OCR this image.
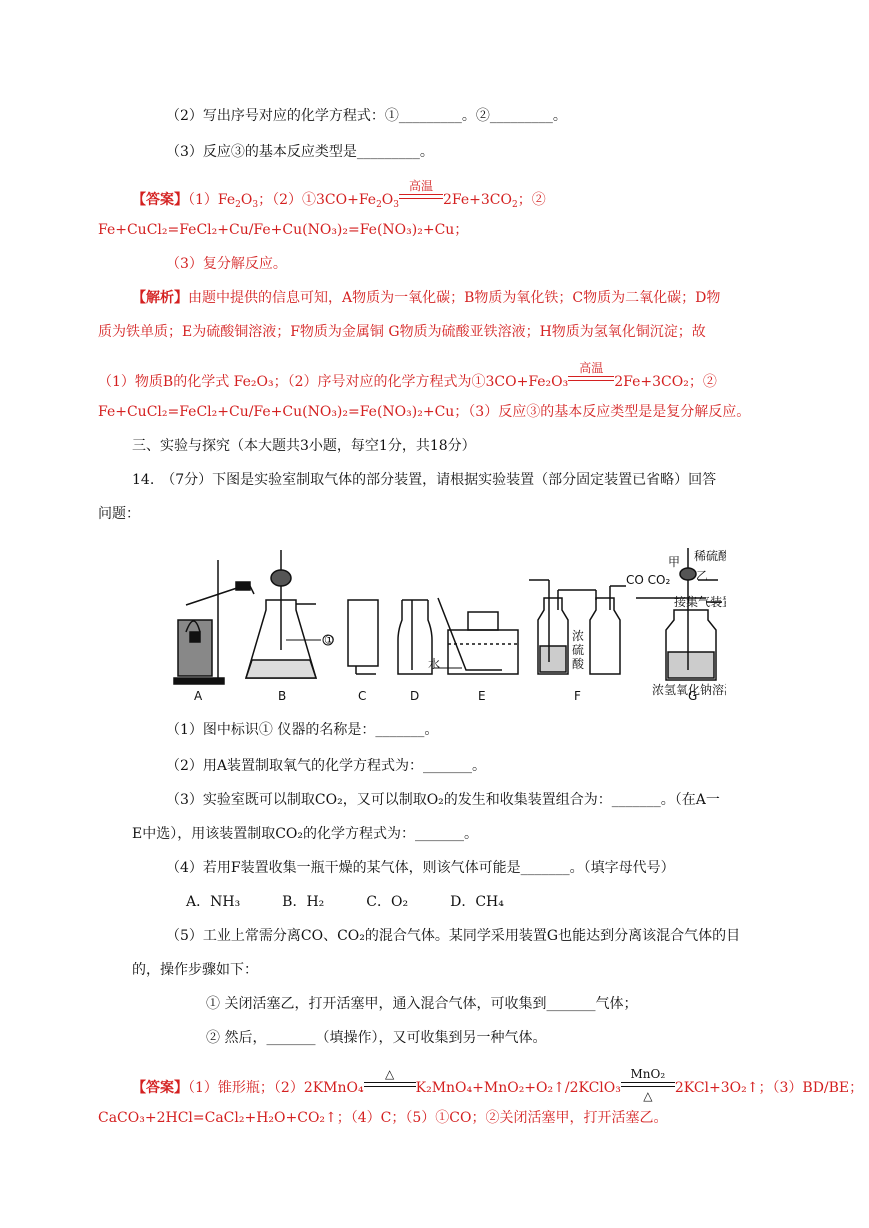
（2）写出序号对应的化学方程式：①_________。②_________。
（3）反应③的基本反应类型是_________。
【答案】$(1)Fe_2O_3$；$(2)①3CO+Fe_2O_3$
高温
$2Fe+3CO_2$；②
Fe+CuCl₂=FeCl₂+Cu/Fe+Cu(NO₃)₂=Fe(NO₃)₂+Cu；
（3）复分解反应。
【解析】由题中提供的信息可知，A物质为一氧化碳；B物质为氧化铁；C物质为二氧化碳；D物
质为铁单质；E为硫酸铜溶液；F物质为金属铜 G物质为硫酸亚铁溶液；H物质为氢氧化铜沉淀；故
（1）物质B的化学式 Fe₂O₃；（2）序号对应的化学方程式为①3CO+Fe₂O₃
高温
2Fe+3CO₂；②
Fe+CuCl₂=FeCl₂+Cu/Fe+Cu(NO₃)₂=Fe(NO₃)₂+Cu；（3）反应③的基本反应类型是是复分解反应。
三、实验与探究（本大题共3小题，每空1分，共18分）
14.　（7分）下图是实验室制取气体的部分装置，请根据实验装置（部分固定装置已省略）回答
问题：
①
A	B	C	D	E	F	G
水
浓
硫
酸
CO CO₂
甲
乙
稀硫酸
接集气装
浓氢氧化钠溶
（1）图中标识① 仪器的名称是：_______。
（2）用A装置制取氧气的化学方程式为：_______。
（3）实验室既可以制取CO₂，又可以制取O₂的发生和收集装置组合为：_______。（在A一
E中选），用该装置制取CO₂的化学方程式为：_______。
（4）若用F装置收集一瓶干燥的某气体，则该气体可能是_______。（填字母代号）
A．NH₃　　　B．H₂　　　C．O₂　　　D．CH₄
（5）工业上常需分离CO、CO₂的混合气体。某同学采用装置G也能达到分离该混合气体的目
的，操作步骤如下：
① 关闭活塞乙，打开活塞甲，通入混合气体，可收集到_______气体；
② 然后，_______（填操作），又可收集到另一种气体。
【答案】（1）锥形瓶；（2）2KMnO₄
△
K₂MnO₄+MnO₂+O₂↑/2KClO₃
MnO₂
△	2KCl+3O₂↑；（3）BD/BE；
CaCO₃+2HCl=CaCl₂+H₂O+CO₂↑；（4）C；（5）①CO；②关闭活塞甲，打开活塞乙。
